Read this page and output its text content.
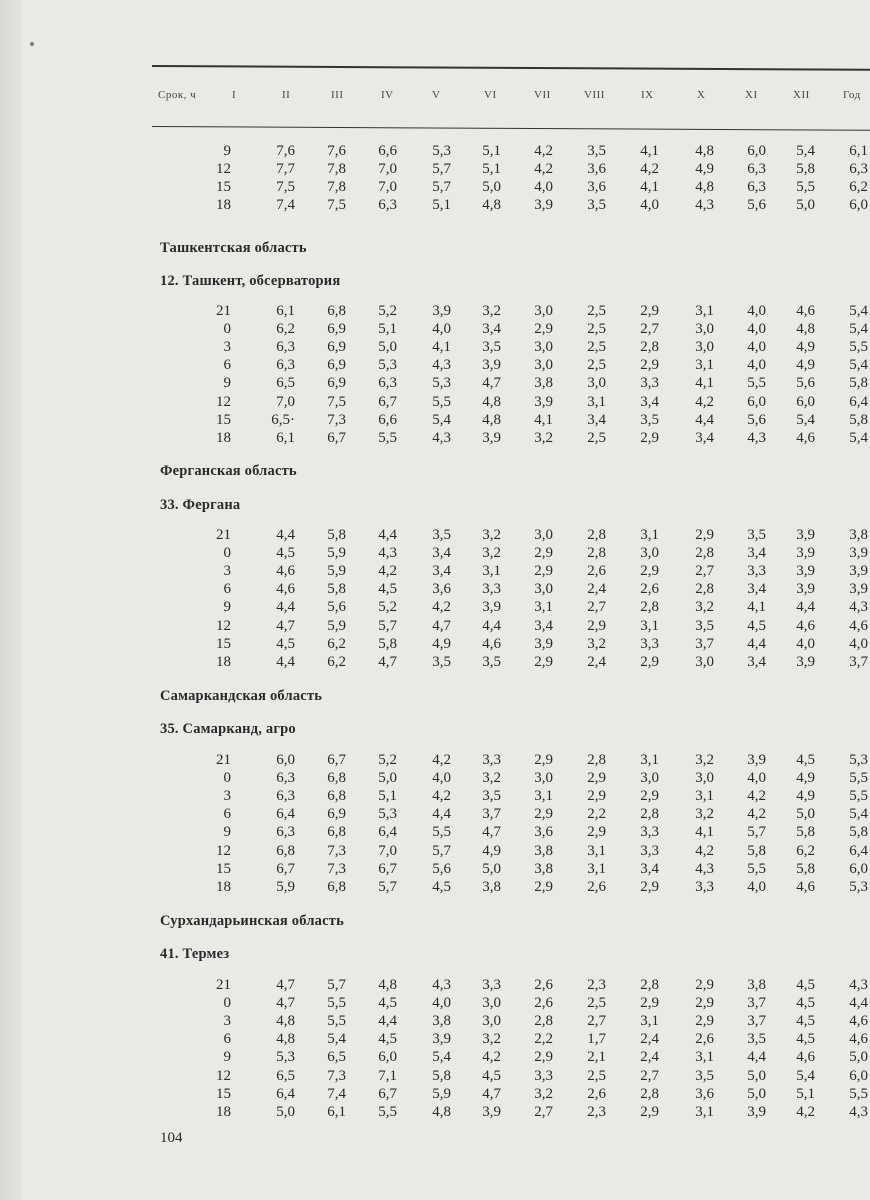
Срок, ч	I	II	III	IV	V	VI	VII	VIII	IX	X	XI	XII	Год
9	7,6 7,6 6,6 5,3 5,1 4,2 3,5 4,1 4,8 6,0 5,4 6,1
12	7,7 7,8 7,0 5,7 5,1 4,2 3,6 4,2 4,9 6,3 5,8 6,3
15	7,5 7,8 7,0 5,7 5,0 4,0 3,6 4,1 4,8 6,3 5,5 6,2
18	7,4 7,5 6,3 5,1 4,8 3,9 3,5 4,0 4,3 5,6 5,0 6,0
Ташкентская область
12. Ташкент, обсерватория
21	6,1 6,8 5,2 3,9 3,2 3,0 2,5 2,9 3,1 4,0 4,6 5,4
0	6,2 6,9 5,1 4,0 3,4 2,9 2,5 2,7 3,0 4,0 4,8 5,4
3	6,3 6,9 5,0 4,1 3,5 3,0 2,5 2,8 3,0 4,0 4,9 5,5
6	6,3 6,9 5,3 4,3 3,9 3,0 2,5 2,9 3,1 4,0 4,9 5,4
9	6,5 6,9 6,3 5,3 4,7 3,8 3,0 3,3 4,1 5,5 5,6 5,8
12	7,0 7,5 6,7 5,5 4,8 3,9 3,1 3,4 4,2 6,0 6,0 6,4
15	6,5· 7,3 6,6 5,4 4,8 4,1 3,4 3,5 4,4 5,6 5,4 5,8
18	6,1 6,7 5,5 4,3 3,9 3,2 2,5 2,9 3,4 4,3 4,6 5,4
Ферганская область
33. Фергана
21	4,4 5,8 4,4 3,5 3,2 3,0 2,8 3,1 2,9 3,5 3,9 3,8
0	4,5 5,9 4,3 3,4 3,2 2,9 2,8 3,0 2,8 3,4 3,9 3,9
3	4,6 5,9 4,2 3,4 3,1 2,9 2,6 2,9 2,7 3,3 3,9 3,9
6	4,6 5,8 4,5 3,6 3,3 3,0 2,4 2,6 2,8 3,4 3,9 3,9
9	4,4 5,6 5,2 4,2 3,9 3,1 2,7 2,8 3,2 4,1 4,4 4,3
12	4,7 5,9 5,7 4,7 4,4 3,4 2,9 3,1 3,5 4,5 4,6 4,6
15	4,5 6,2 5,8 4,9 4,6 3,9 3,2 3,3 3,7 4,4 4,0 4,0
18	4,4 6,2 4,7 3,5 3,5 2,9 2,4 2,9 3,0 3,4 3,9 3,7
Самаркандская область
35. Самарканд, агро
21	6,0 6,7 5,2 4,2 3,3 2,9 2,8 3,1 3,2 3,9 4,5 5,3
0	6,3 6,8 5,0 4,0 3,2 3,0 2,9 3,0 3,0 4,0 4,9 5,5
3	6,3 6,8 5,1 4,2 3,5 3,1 2,9 2,9 3,1 4,2 4,9 5,5
6	6,4 6,9 5,3 4,4 3,7 2,9 2,2 2,8 3,2 4,2 5,0 5,4
9	6,3 6,8 6,4 5,5 4,7 3,6 2,9 3,3 4,1 5,7 5,8 5,8
12	6,8 7,3 7,0 5,7 4,9 3,8 3,1 3,3 4,2 5,8 6,2 6,4
15	6,7 7,3 6,7 5,6 5,0 3,8 3,1 3,4 4,3 5,5 5,8 6,0
18	5,9 6,8 5,7 4,5 3,8 2,9 2,6 2,9 3,3 4,0 4,6 5,3
Сурхандарьинская область
41. Термез
21	4,7 5,7 4,8 4,3 3,3 2,6 2,3 2,8 2,9 3,8 4,5 4,3
0	4,7 5,5 4,5 4,0 3,0 2,6 2,5 2,9 2,9 3,7 4,5 4,4
3	4,8 5,5 4,4 3,8 3,0 2,8 2,7 3,1 2,9 3,7 4,5 4,6
6	4,8 5,4 4,5 3,9 3,2 2,2 1,7 2,4 2,6 3,5 4,5 4,6
9	5,3 6,5 6,0 5,4 4,2 2,9 2,1 2,4 3,1 4,4 4,6 5,0
12	6,5 7,3 7,1 5,8 4,5 3,3 2,5 2,7 3,5 5,0 5,4 6,0
15	6,4 7,4 6,7 5,9 4,7 3,2 2,6 2,8 3,6 5,0 5,1 5,5
18	5,0 6,1 5,5 4,8 3,9 2,7 2,3 2,9 3,1 3,9 4,2 4,3
104
